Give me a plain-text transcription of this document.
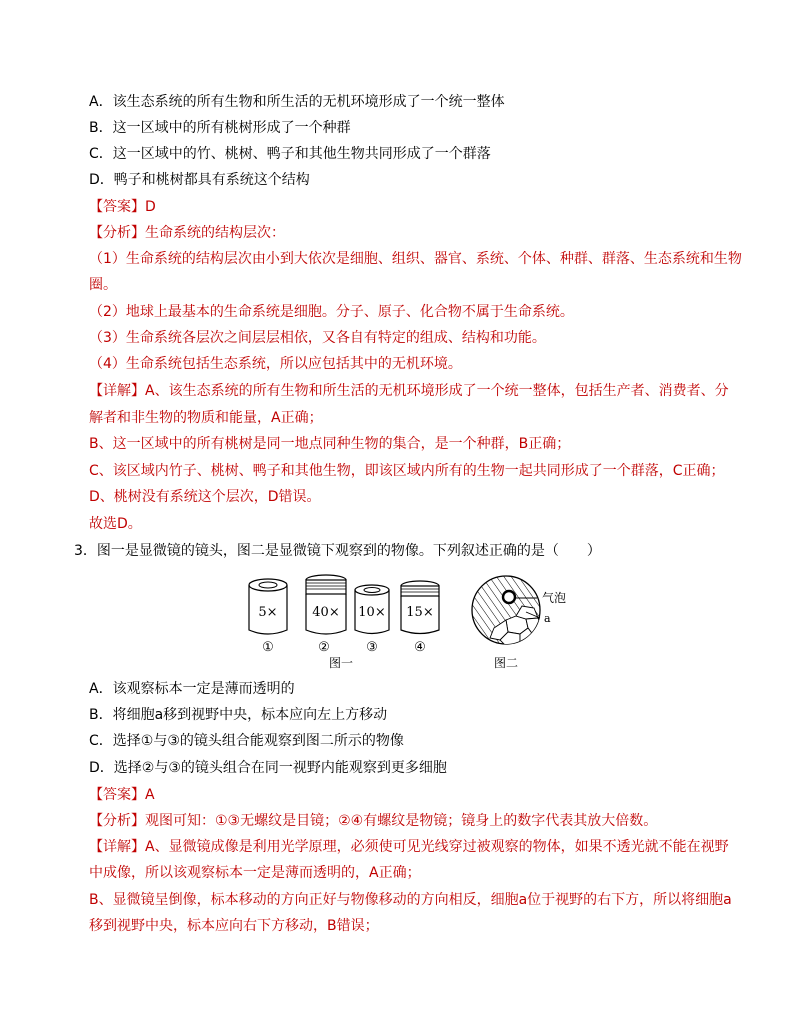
A．该生态系统的所有生物和所生活的无机环境形成了一个统一整体
B．这一区域中的所有桃树形成了一个种群
C．这一区域中的竹、桃树、鸭子和其他生物共同形成了一个群落
D．鸭子和桃树都具有系统这个结构
【答案】D
【分析】生命系统的结构层次：
（1）生命系统的结构层次由小到大依次是细胞、组织、器官、系统、个体、种群、群落、生态系统和生物
圈。
（2）地球上最基本的生命系统是细胞。分子、原子、化合物不属于生命系统。
（3）生命系统各层次之间层层相依，又各自有特定的组成、结构和功能。
（4）生命系统包括生态系统，所以应包括其中的无机环境。
【详解】A、该生态系统的所有生物和所生活的无机环境形成了一个统一整体，包括生产者、消费者、分
解者和非生物的物质和能量，A正确；
B、这一区域中的所有桃树是同一地点同种生物的集合，是一个种群，B正确；
C、该区域内竹子、桃树、鸭子和其他生物，即该区域内所有的生物一起共同形成了一个群落，C正确；
D、桃树没有系统这个层次，D错误。
故选D。
3．图一是显微镜的镜头，图二是显微镜下观察到的物像。下列叙述正确的是（　　）
5×	40× 10× 15×
①	②	③	④
图一
气泡
a
图二
A．该观察标本一定是薄而透明的
B．将细胞a移到视野中央，标本应向左上方移动
C．选择①与③的镜头组合能观察到图二所示的物像
D．选择②与③的镜头组合在同一视野内能观察到更多细胞
【答案】A
【分析】观图可知：①③无螺纹是目镜；②④有螺纹是物镜；镜身上的数字代表其放大倍数。
【详解】A、显微镜成像是利用光学原理，必须使可见光线穿过被观察的物体，如果不透光就不能在视野
中成像，所以该观察标本一定是薄而透明的，A正确；
B、显微镜呈倒像，标本移动的方向正好与物像移动的方向相反，细胞a位于视野的右下方，所以将细胞a
移到视野中央，标本应向右下方移动，B错误；
